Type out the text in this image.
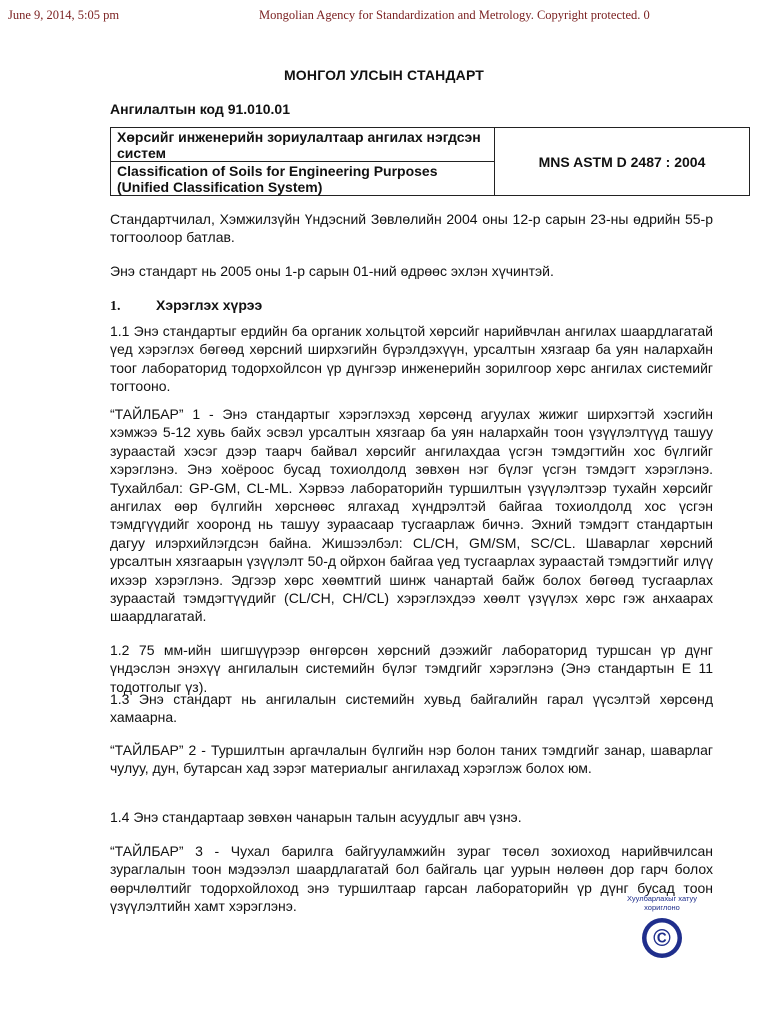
June 9, 2014, 5:05 pm	Mongolian Agency for Standardization and Metrology. Copyright protected. 0
МОНГОЛ УЛСЫН СТАНДАРТ
Ангилалтын код 91.010.01
Хөрсийг инженерийн зориулалтаар ангилах нэгдсэн систем
Classification of Soils for Engineering Purposes (Unified Classification System)
MNS ASTM D 2487 : 2004

Стандартчилал, Хэмжилзүйн Үндэсний Зөвлөлийн 2004 оны 12-р сарын 23-ны өдрийн 55-р тогтоолоор батлав.

Энэ стандарт нь 2005 оны 1-р сарын 01-ний өдрөөс эхлэн хүчинтэй.

1.	Хэрэглэх хүрээ

1.1 Энэ стандартыг ердийн ба органик хольцтой хөрсийг нарийвчлан ангилах шаардлагатай үед хэрэглэх бөгөөд хөрсний ширхэгийн бүрэлдэхүүн, урсалтын хязгаар ба уян налархайн тоог лабораторид тодорхойлсон үр дүнгээр инженерийн зорилгоор хөрс ангилах системийг тогтооно.

“ТАЙЛБАР” 1 - Энэ стандартыг хэрэглэхэд хөрсөнд агуулах жижиг ширхэгтэй хэсгийн хэмжээ 5-12 хувь байх эсвэл урсалтын хязгаар ба уян налархайн тоон үзүүлэлтүүд ташуу зураастай хэсэг дээр таарч байвал хөрсийг ангилахдаа үсгэн тэмдэгтийн хос бүлгийг хэрэглэнэ. Энэ хоёроос бусад тохиолдолд зөвхөн нэг бүлэг үсгэн тэмдэгт хэрэглэнэ. Тухайлбал: GP-GM, CL-ML. Хэрвээ лабораторийн туршилтын үзүүлэлтээр тухайн хөрсийг ангилах өөр бүлгийн хөрснөөс ялгахад хүндрэлтэй байгаа тохиолдолд хос үсгэн тэмдгүүдийг хооронд нь ташуу зураасаар тусгаарлаж бичнэ. Эхний тэмдэгт стандартын дагуу илэрхийлэгдсэн байна. Жишээлбэл: CL/CH, GM/SM, SC/CL. Шаварлаг хөрсний урсалтын хязгаарын үзүүлэлт 50-д ойрхон байгаа үед тусгаарлах зураастай тэмдэгтийг илүү ихээр хэрэглэнэ. Эдгээр хөрс хөөмтгий шинж чанартай байж болох бөгөөд тусгаарлах зураастай тэмдэгтүүдийг (CL/CH, CH/CL) хэрэглэхдээ хөөлт үзүүлэх хөрс гэж анхаарах шаардлагатай.

1.2 75 мм-ийн шигшүүрээр өнгөрсөн хөрсний дээжийг лабораторид туршсан үр дүнг үндэслэн энэхүү ангилалын системийн бүлэг тэмдгийг хэрэглэнэ (Энэ стандартын Е 11 тодотголыг үз).

1.3 Энэ стандарт нь ангилалын системийн хувьд байгалийн гарал үүсэлтэй хөрсөнд хамаарна.

“ТАЙЛБАР” 2 - Туршилтын аргачлалын бүлгийн нэр болон таних тэмдгийг занар, шаварлаг чулуу, дун, бутарсан хад зэрэг материалыг ангилахад хэрэглэж болох юм.

1.4 Энэ стандартаар зөвхөн чанарын талын асуудлыг авч үзнэ.

“ТАЙЛБАР” 3 - Чухал барилга байгууламжийн зураг төсөл зохиоход нарийвчилсан зураглалын тоон мэдээлэл шаардлагатай бол байгаль цаг уурын нөлөөн дор гарч болох өөрчлөлтийг тодорхойлоход энэ туршилтаар гарсан лабораторийн үр дүнг бусад тоон үзүүлэлтийн хамт хэрэглэнэ.	Хуулбарлахыг хатуу хориглоно
©
